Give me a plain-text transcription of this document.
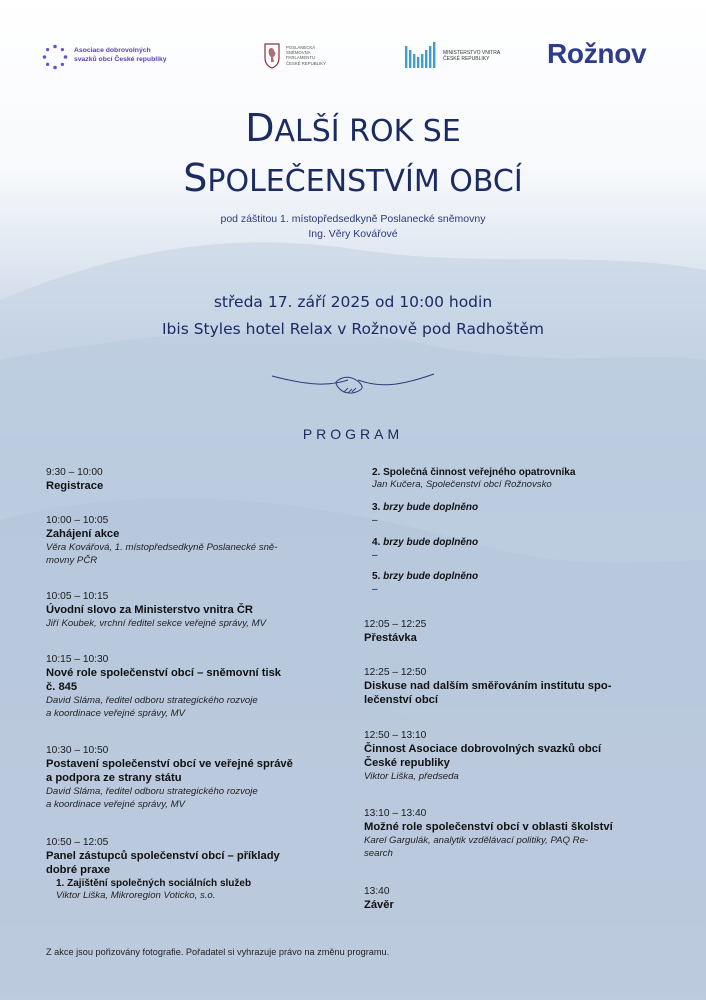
Asociace dobrovolných
svazků obcí České republiky
POSLANECKÁ
SNĚMOVNA
PARLAMENTU
ČESKÉ REPUBLIKY
MINISTERSTVO VNITRA
ČESKÉ REPUBLIKY	Rožnov
DALŠÍ ROK SE
SPOLEČENSTVÍM OBCÍ
pod záštitou 1. místopředsedkyně Poslanecké sněmovny
Ing. Věry Kovářové
středa 17. září 2025 od 10:00 hodin
Ibis Styles hotel Relax v Rožnově pod Radhoštěm
PROGRAM
9:30 – 10:00
Registrace
10:00 – 10:05
Zahájení akce
Věra Kovářová, 1. místopředsedkyně Poslanecké sně-
movny PČR
10:05 – 10:15
Úvodní slovo za Ministerstvo vnitra ČR
Jiří Koubek, vrchní ředitel sekce veřejné správy, MV
10:15 – 10:30
Nové role společenství obcí – sněmovní tisk
č. 845
David Sláma, ředitel odboru strategického rozvoje
a koordinace veřejné správy, MV
10:30 – 10:50
Postavení společenství obcí ve veřejné správě
a podpora ze strany státu
David Sláma, ředitel odboru strategického rozvoje
a koordinace veřejné správy, MV
10:50 – 12:05
Panel zástupců společenství obcí – příklady
dobré praxe
1. Zajištění společných sociálních služeb
Viktor Liška, Mikroregion Voticko, s.o.
2. Společná činnost veřejného opatrovníka
Jan Kučera, Společenství obcí Rožnovsko
3. brzy bude doplněno
–
4. brzy bude doplněno
–
5. brzy bude doplněno
–
12:05 – 12:25
Přestávka
12:25 – 12:50
Diskuse nad dalším směřováním institutu spo-
lečenství obcí
12:50 – 13:10
Činnost Asociace dobrovolných svazků obcí
České republiky
Viktor Liška, předseda
13:10 – 13:40
Možné role společenství obcí v oblasti školství
Karel Gargulák, analytik vzdělávací politiky, PAQ Re-
search
13:40
Závěr
Z akce jsou pořizovány fotografie. Pořadatel si vyhrazuje právo na změnu programu.
